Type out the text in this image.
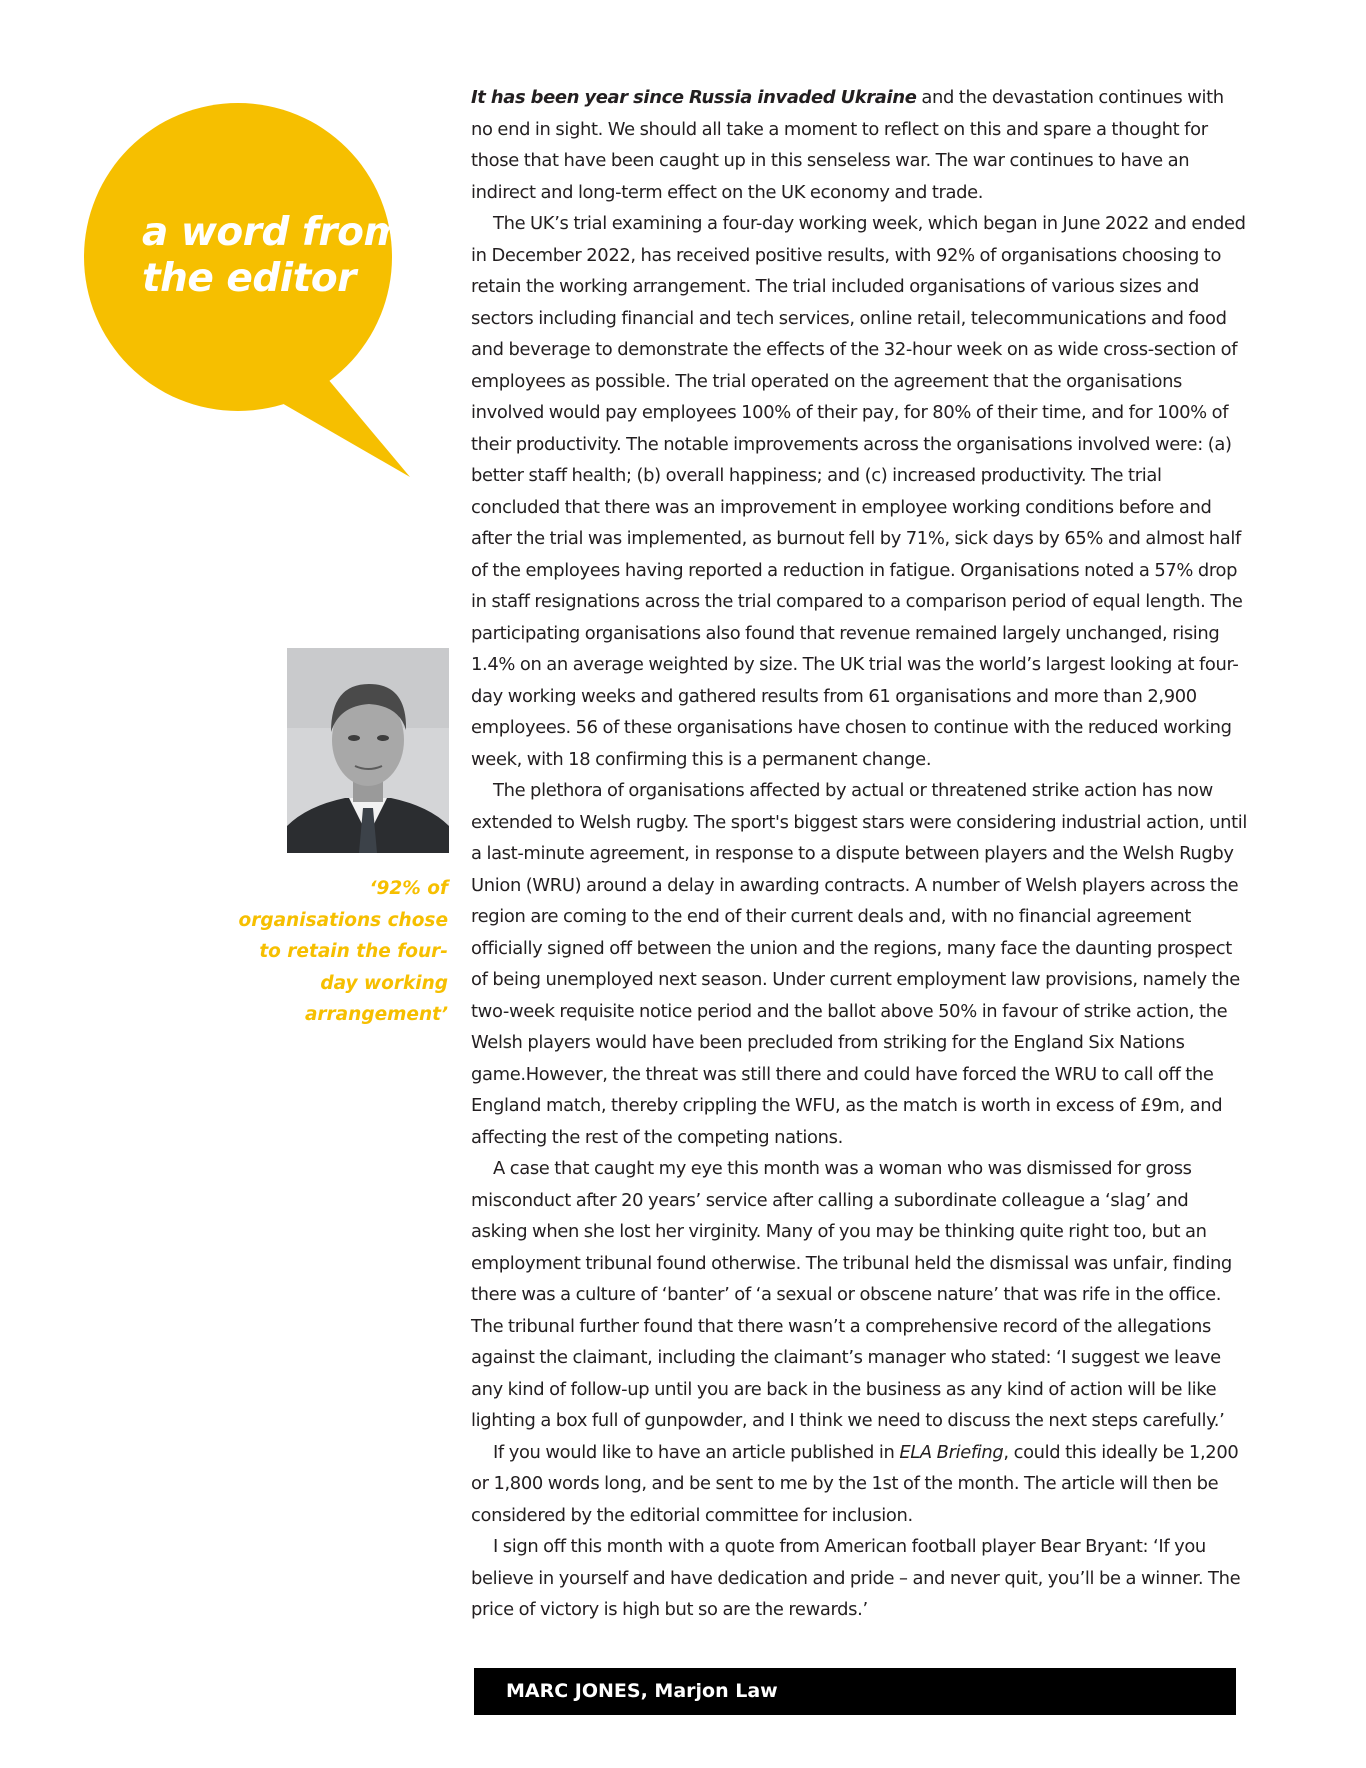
a word from the editor
‘92% of organisations chose to retain the four-day working arrangement’

It has been year since Russia invaded Ukraine and the devastation continues with no end in sight. We should all take a moment to reflect on this and spare a thought for those that have been caught up in this senseless war. The war continues to have an indirect and long-term effect on the UK economy and trade.

The UK’s trial examining a four-day working week, which began in June 2022 and ended in December 2022, has received positive results, with 92% of organisations choosing to retain the working arrangement. The trial included organisations of various sizes and sectors including financial and tech services, online retail, telecommunications and food and beverage to demonstrate the effects of the 32-hour week on as wide cross-section of employees as possible. The trial operated on the agreement that the organisations involved would pay employees 100% of their pay, for 80% of their time, and for 100% of their productivity. The notable improvements across the organisations involved were: (a) better staff health; (b) overall happiness; and (c) increased productivity. The trial concluded that there was an improvement in employee working conditions before and after the trial was implemented, as burnout fell by 71%, sick days by 65% and almost half of the employees having reported a reduction in fatigue. Organisations noted a 57% drop in staff resignations across the trial compared to a comparison period of equal length. The participating organisations also found that revenue remained largely unchanged, rising 1.4% on an average weighted by size. The UK trial was the world’s largest looking at four-day working weeks and gathered results from 61 organisations and more than 2,900 employees. 56 of these organisations have chosen to continue with the reduced working week, with 18 confirming this is a permanent change.

The plethora of organisations affected by actual or threatened strike action has now extended to Welsh rugby. The sport's biggest stars were considering industrial action, until a last-minute agreement, in response to a dispute between players and the Welsh Rugby Union (WRU) around a delay in awarding contracts. A number of Welsh players across the region are coming to the end of their current deals and, with no financial agreement officially signed off between the union and the regions, many face the daunting prospect of being unemployed next season. Under current employment law provisions, namely the two-week requisite notice period and the ballot above 50% in favour of strike action, the Welsh players would have been precluded from striking for the England Six Nations game.However, the threat was still there and could have forced the WRU to call off the England match, thereby crippling the WFU, as the match is worth in excess of £9m, and affecting the rest of the competing nations.

A case that caught my eye this month was a woman who was dismissed for gross misconduct after 20 years’ service after calling a subordinate colleague a ‘slag’ and asking when she lost her virginity. Many of you may be thinking quite right too, but an employment tribunal found otherwise. The tribunal held the dismissal was unfair, finding there was a culture of ‘banter’ of ‘a sexual or obscene nature’ that was rife in the office. The tribunal further found that there wasn’t a comprehensive record of the allegations against the claimant, including the claimant’s manager who stated: ‘I suggest we leave any kind of follow-up until you are back in the business as any kind of action will be like lighting a box full of gunpowder, and I think we need to discuss the next steps carefully.’

If you would like to have an article published in ELA Briefing, could this ideally be 1,200 or 1,800 words long, and be sent to me by the 1st of the month. The article will then be considered by the editorial committee for inclusion.

I sign off this month with a quote from American football player Bear Bryant: ‘If you believe in yourself and have dedication and pride – and never quit, you’ll be a winner. The price of victory is high but so are the rewards.’

MARC JONES, Marjon Law
